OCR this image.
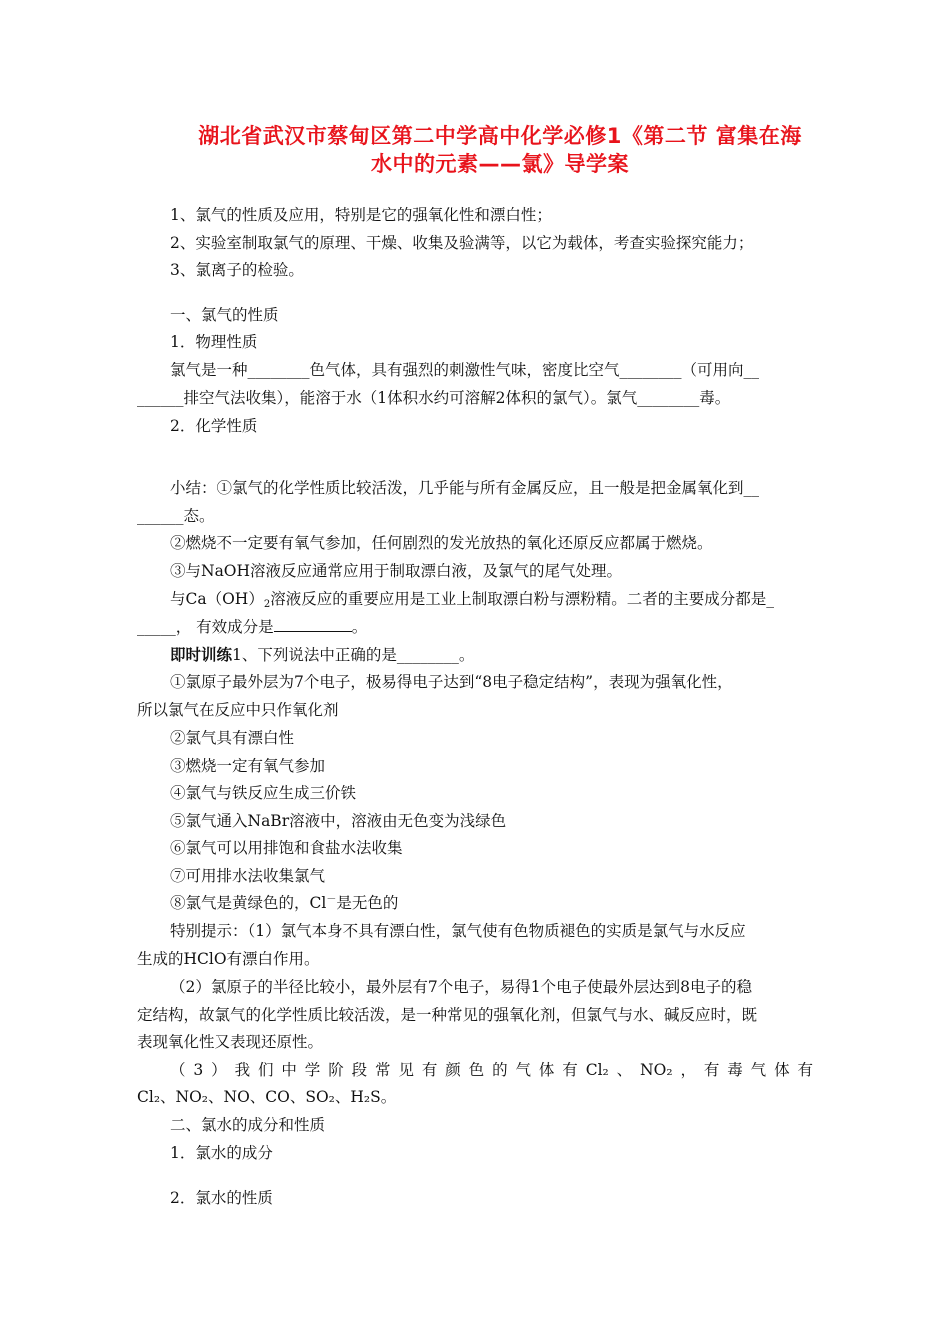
湖北省武汉市蔡甸区第二中学高中化学必修1《第二节 富集在海
水中的元素——氯》导学案
1、氯气的性质及应用，特别是它的强氧化性和漂白性；
2、实验室制取氯气的原理、干燥、收集及验满等，以它为载体，考查实验探究能力；
3、氯离子的检验。
一、氯气的性质
1．物理性质
氯气是一种________色气体，具有强烈的刺激性气味，密度比空气________（可用向__
______排空气法收集），能溶于水（1体积水约可溶解2体积的氯气）。氯气________毒。
2．化学性质
小结：①氯气的化学性质比较活泼，几乎能与所有金属反应，且一般是把金属氧化到__
______态。
②燃烧不一定要有氧气参加，任何剧烈的发光放热的氧化还原反应都属于燃烧。
③与NaOH溶液反应通常应用于制取漂白液，及氯气的尾气处理。
与$Ca(OH)_2$溶液反应的重要应用是工业上制取漂白粉与漂粉精。二者的主要成分都是_
_____， 有效成分是	。
即时训练1、下列说法中正确的是________。
①氯原子最外层为7个电子，极易得电子达到“8电子稳定结构”，表现为强氧化性，
所以氯气在反应中只作氧化剂
②氯气具有漂白性
③燃烧一定有氧气参加
④氯气与铁反应生成三价铁
⑤氯气通入NaBr溶液中，溶液由无色变为浅绿色
⑥氯气可以用排饱和食盐水法收集
⑦可用排水法收集氯气
⑧氯气是黄绿色的，Cl－是无色的
特别提示：（1）氯气本身不具有漂白性，氯气使有色物质褪色的实质是氯气与水反应
生成的HClO有漂白作用。
（2）氯原子的半径比较小，最外层有7个电子，易得1个电子使最外层达到8电子的稳
定结构，故氯气的化学性质比较活泼，是一种常见的强氧化剂，但氯气与水、碱反应时，既
表现氧化性又表现还原性。
（3）我们中学阶段常见有颜色的气体有Cl₂、NO₂，有毒气体有
Cl₂、NO₂、NO、CO、SO₂、H₂S。
二、氯水的成分和性质
1．氯水的成分
2．氯水的性质
